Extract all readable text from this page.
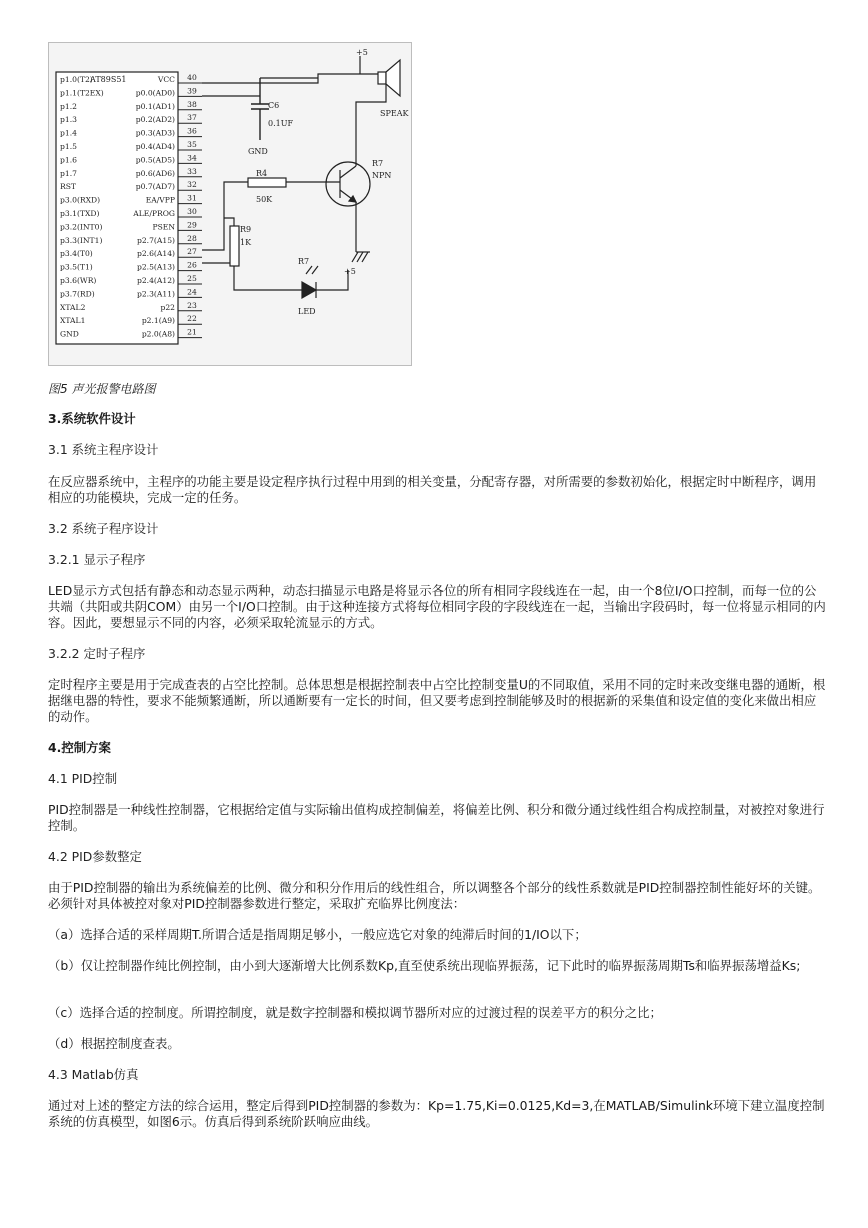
p1.0(T2)	VCC 40
p1.1(T2EX)	p0.0(AD0) 39
p1.2	p0.1(AD1) 38
p1.3	p0.2(AD2) 37
p1.4	p0.3(AD3) 36
p1.5	p0.4(AD4) 35
p1.6	p0.5(AD5) 34
p1.7	p0.6(AD6) 33
RST	p0.7(AD7) 32
p3.0(RXD)	EA/VPP 31
p3.1(TXD)	ALE/PROG 30
p3.2(INT0)	PSEN 29
p3.3(INT1)	p2.7(A15) 28
p3.4(T0)	p2.6(A14) 27
p3.5(T1)	p2.5(A13) 26
p3.6(WR)	p2.4(A12) 25
p3.7(RD)	p2.3(A11) 24
XTAL2	p22 23
XTAL1	p2.1(A9) 22
GND	p2.0(A8) 21
AT89S51
+5
SPEAK
C6
0.1UF
GND
R4
50K
R7
NPN
R9
1K
R7
LED
+5
图5 声光报警电路图

3.系统软件设计

3.1 系统主程序设计

在反应器系统中，主程序的功能主要是设定程序执行过程中用到的相关变量，分配寄存器，对所需要的参数初始化，根据定时中断程序，调用相应的功能模块，完成一定的任务。

3.2 系统子程序设计

3.2.1 显示子程序

LED显示方式包括有静态和动态显示两种，动态扫描显示电路是将显示各位的所有相同字段线连在一起，由一个8位I/O口控制，而每一位的公共端（共阳或共阴COM）由另一个I/O口控制。由于这种连接方式将每位相同字段的字段线连在一起，当输出字段码时，每一位将显示相同的内容。因此，要想显示不同的内容，必须采取轮流显示的方式。

3.2.2 定时子程序

定时程序主要是用于完成查表的占空比控制。总体思想是根据控制表中占空比控制变量U的不同取值，采用不同的定时来改变继电器的通断，根据继电器的特性，要求不能频繁通断，所以通断要有一定长的时间，但又要考虑到控制能够及时的根据新的采集值和设定值的变化来做出相应的动作。

4.控制方案

4.1 PID控制

PID控制器是一种线性控制器，它根据给定值与实际输出值构成控制偏差，将偏差比例、积分和微分通过线性组合构成控制量，对被控对象进行控制。

4.2 PID参数整定

由于PID控制器的输出为系统偏差的比例、微分和积分作用后的线性组合，所以调整各个部分的线性系数就是PID控制器控制性能好坏的关键。必须针对具体被控对象对PID控制器参数进行整定，采取扩充临界比例度法：

（a）选择合适的采样周期T.所谓合适是指周期足够小，一般应选它对象的纯滞后时间的1/IO以下；

（b）仅让控制器作纯比例控制，由小到大逐渐增大比例系数Kp,直至使系统出现临界振荡，记下此时的临界振荡周期Ts和临界振荡增益Ks;

（c）选择合适的控制度。所谓控制度，就是数字控制器和模拟调节器所对应的过渡过程的误差平方的积分之比；

（d）根据控制度查表。

4.3 Matlab仿真

通过对上述的整定方法的综合运用，整定后得到PID控制器的参数为：Kp=1.75,Ki=0.0125,Kd=3,在MATLAB/Simulink环境下建立温度控制系统的仿真模型，如图6示。仿真后得到系统阶跃响应曲线。
